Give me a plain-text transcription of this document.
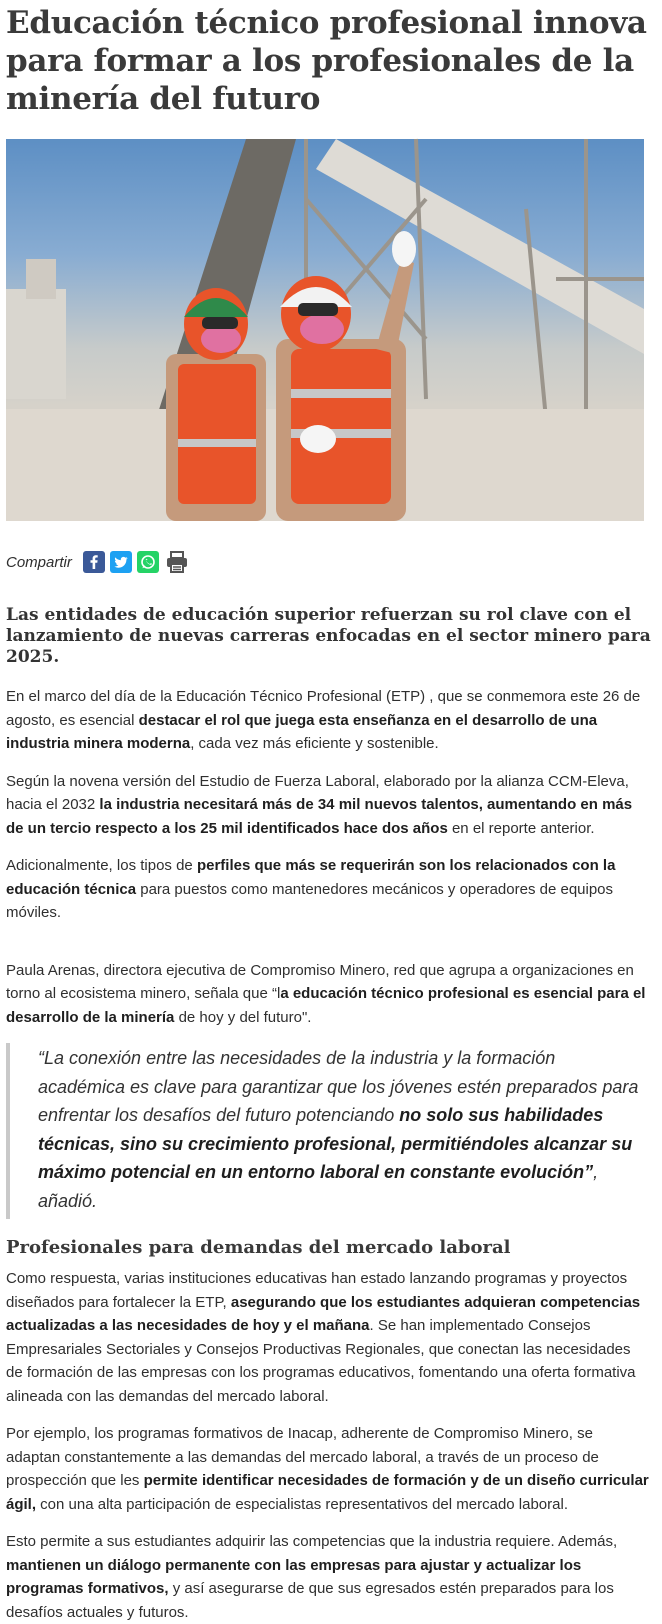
Educación técnico profesional innova para formar a los profesionales de la minería del futuro
Compartir
Las entidades de educación superior refuerzan su rol clave con el lanzamiento de nuevas carreras enfocadas en el sector minero para 2025.

En el marco del día de la Educación Técnico Profesional (ETP) , que se conmemora este 26 de agosto, es esencial destacar el rol que juega esta enseñanza en el desarrollo de una industria minera moderna, cada vez más eficiente y sostenible.

Según la novena versión del Estudio de Fuerza Laboral, elaborado por la alianza CCM-Eleva, hacia el 2032 la industria necesitará más de 34 mil nuevos talentos, aumentando en más de un tercio respecto a los 25 mil identificados hace dos años en el reporte anterior.

Adicionalmente, los tipos de perfiles que más se requerirán son los relacionados con la educación técnica para puestos como mantenedores mecánicos y operadores de equipos móviles.

Paula Arenas, directora ejecutiva de Compromiso Minero, red que agrupa a organizaciones en torno al ecosistema minero, señala que “la educación técnico profesional es esencial para el desarrollo de la minería de hoy y del futuro".

“La conexión entre las necesidades de la industria y la formación académica es clave para garantizar que los jóvenes estén preparados para enfrentar los desafíos del futuro potenciando no solo sus habilidades técnicas, sino su crecimiento profesional, permitiéndoles alcanzar su máximo potencial en un entorno laboral en constante evolución”, añadió.
Profesionales para demandas del mercado laboral

Como respuesta, varias instituciones educativas han estado lanzando programas y proyectos diseñados para fortalecer la ETP, asegurando que los estudiantes adquieran competencias actualizadas a las necesidades de hoy y el mañana. Se han implementado Consejos Empresariales Sectoriales y Consejos Productivas Regionales, que conectan las necesidades de formación de las empresas con los programas educativos, fomentando una oferta formativa alineada con las demandas del mercado laboral.

Por ejemplo, los programas formativos de Inacap, adherente de Compromiso Minero, se adaptan constantemente a las demandas del mercado laboral, a través de un proceso de prospección que les permite identificar necesidades de formación y de un diseño curricular ágil, con una alta participación de especialistas representativos del mercado laboral.

Esto permite a sus estudiantes adquirir las competencias que la industria requiere. Además, mantienen un diálogo permanente con las empresas para ajustar y actualizar los programas formativos, y así asegurarse de que sus egresados estén preparados para los desafíos actuales y futuros.
